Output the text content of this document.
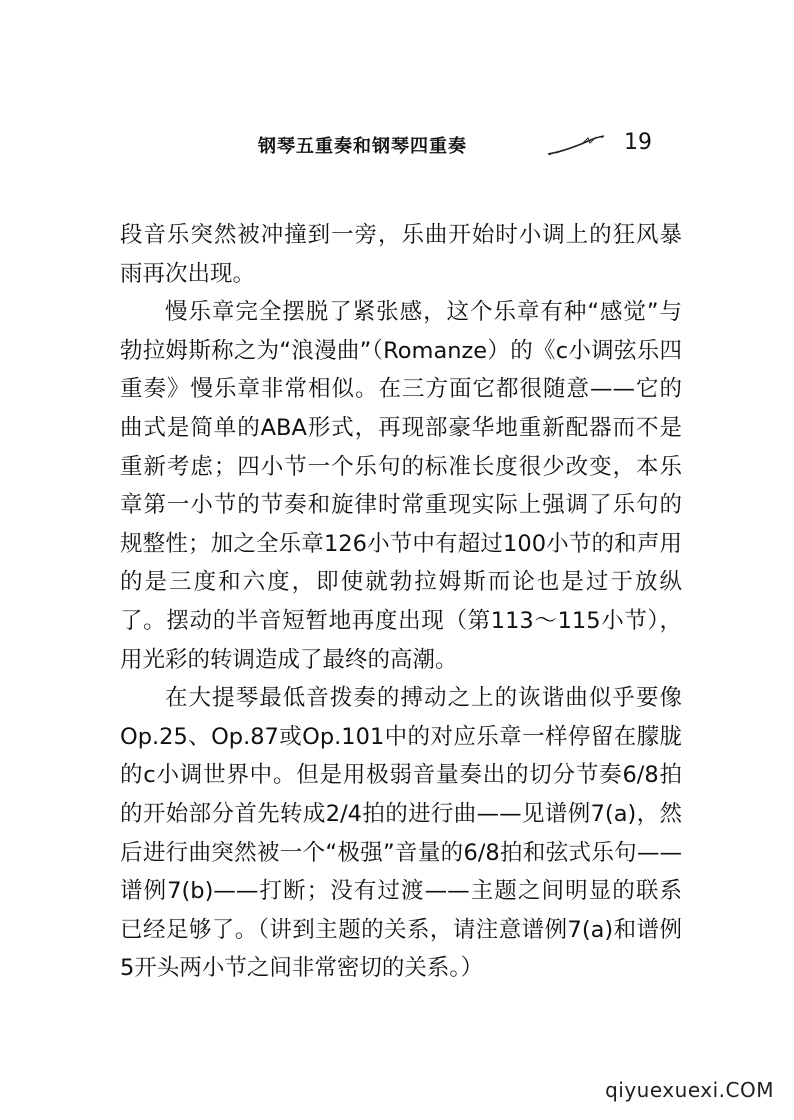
钢琴五重奏和钢琴四重奏	19

段音乐突然被冲撞到一旁，乐曲开始时小调上的狂风暴雨再次出现。

慢乐章完全摆脱了紧张感，这个乐章有种“感觉”与勃拉姆斯称之为“浪漫曲”（Romanze）的《c小调弦乐四重奏》慢乐章非常相似。在三方面它都很随意——它的曲式是简单的ABA形式，再现部豪华地重新配器而不是重新考虑；四小节一个乐句的标准长度很少改变，本乐章第一小节的节奏和旋律时常重现实际上强调了乐句的规整性；加之全乐章126小节中有超过100小节的和声用的是三度和六度，即使就勃拉姆斯而论也是过于放纵了。摆动的半音短暂地再度出现（第113～115小节），用光彩的转调造成了最终的高潮。

在大提琴最低音拨奏的搏动之上的诙谐曲似乎要像Op.25、Op.87或Op.101中的对应乐章一样停留在朦胧的c小调世界中。但是用极弱音量奏出的切分节奏6/8拍的开始部分首先转成2/4拍的进行曲——见谱例7(a)，然后进行曲突然被一个“极强”音量的6/8拍和弦式乐句——谱例7(b)——打断；没有过渡——主题之间明显的联系已经足够了。（讲到主题的关系，请注意谱例7(a)和谱例5开头两小节之间非常密切的关系。）

qiyuexuexi.COM
